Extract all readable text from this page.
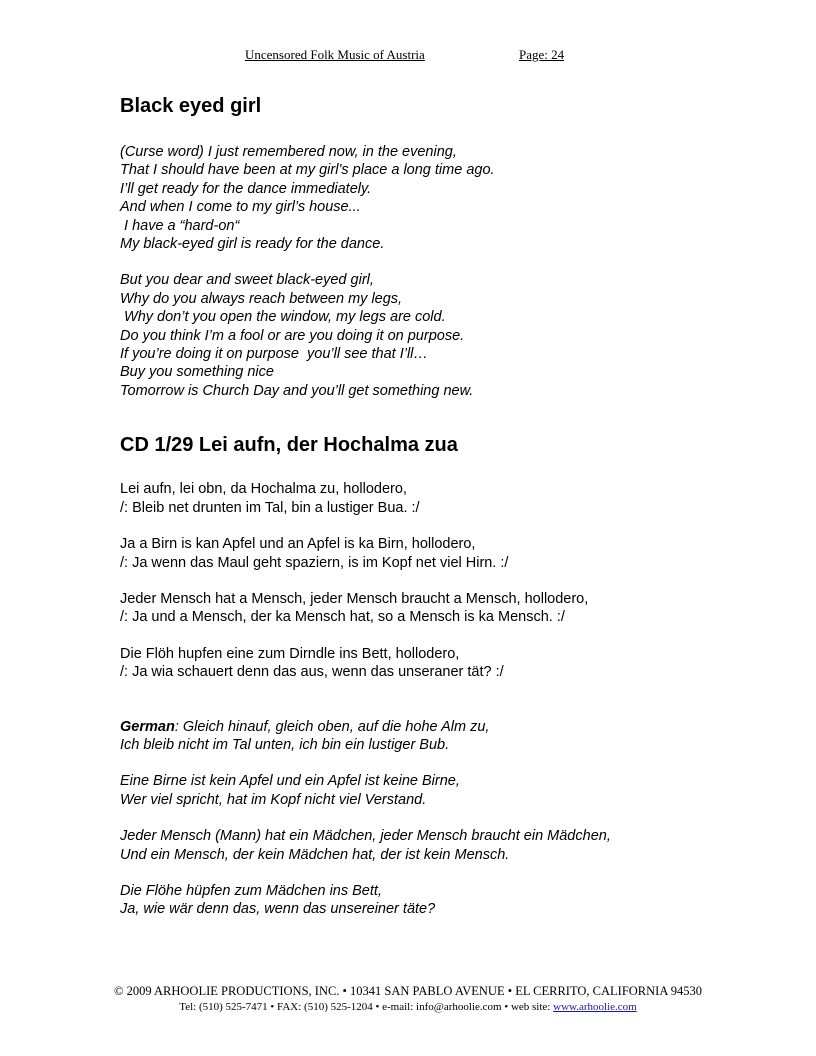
Uncensored Folk Music of Austria	Page: 24
Black eyed girl
(Curse word) I just remembered now, in the evening,
That I should have been at my girl’s place a long time ago.
I’ll get ready for the dance immediately.
And when I come to my girl’s house...
I have a “hard-on“
My black-eyed girl is ready for the dance.
But you dear and sweet black-eyed girl,
Why do you always reach between my legs,
Why don’t you open the window, my legs are cold.
Do you think I’m a fool or are you doing it on purpose.
If you’re doing it on purpose  you’ll see that I’ll…
Buy you something nice
Tomorrow is Church Day and you’ll get something new.
CD 1/29 Lei aufn, der Hochalma zua
Lei aufn, lei obn, da Hochalma zu, hollodero,
/: Bleib net drunten im Tal, bin a lustiger Bua. :/
Ja a Birn is kan Apfel und an Apfel is ka Birn, hollodero,
/: Ja wenn das Maul geht spaziern, is im Kopf net viel Hirn. :/
Jeder Mensch hat a Mensch, jeder Mensch braucht a Mensch, hollodero,
/: Ja und a Mensch, der ka Mensch hat, so a Mensch is ka Mensch. :/
Die Flöh hupfen eine zum Dirndle ins Bett, hollodero,
/: Ja wia schauert denn das aus, wenn das unseraner tät? :/
German: Gleich hinauf, gleich oben, auf die hohe Alm zu,
Ich bleib nicht im Tal unten, ich bin ein lustiger Bub.
Eine Birne ist kein Apfel und ein Apfel ist keine Birne,
Wer viel spricht, hat im Kopf nicht viel Verstand.
Jeder Mensch (Mann) hat ein Mädchen, jeder Mensch braucht ein Mädchen,
Und ein Mensch, der kein Mädchen hat, der ist kein Mensch.
Die Flöhe hüpfen zum Mädchen ins Bett,
Ja, wie wär denn das, wenn das unsereiner täte?
© 2009 ARHOOLIE PRODUCTIONS, INC. • 10341 SAN PABLO AVENUE • EL CERRITO, CALIFORNIA 94530
Tel: (510) 525-7471 • FAX: (510) 525-1204 • e-mail: info@arhoolie.com • web site: www.arhoolie.com
